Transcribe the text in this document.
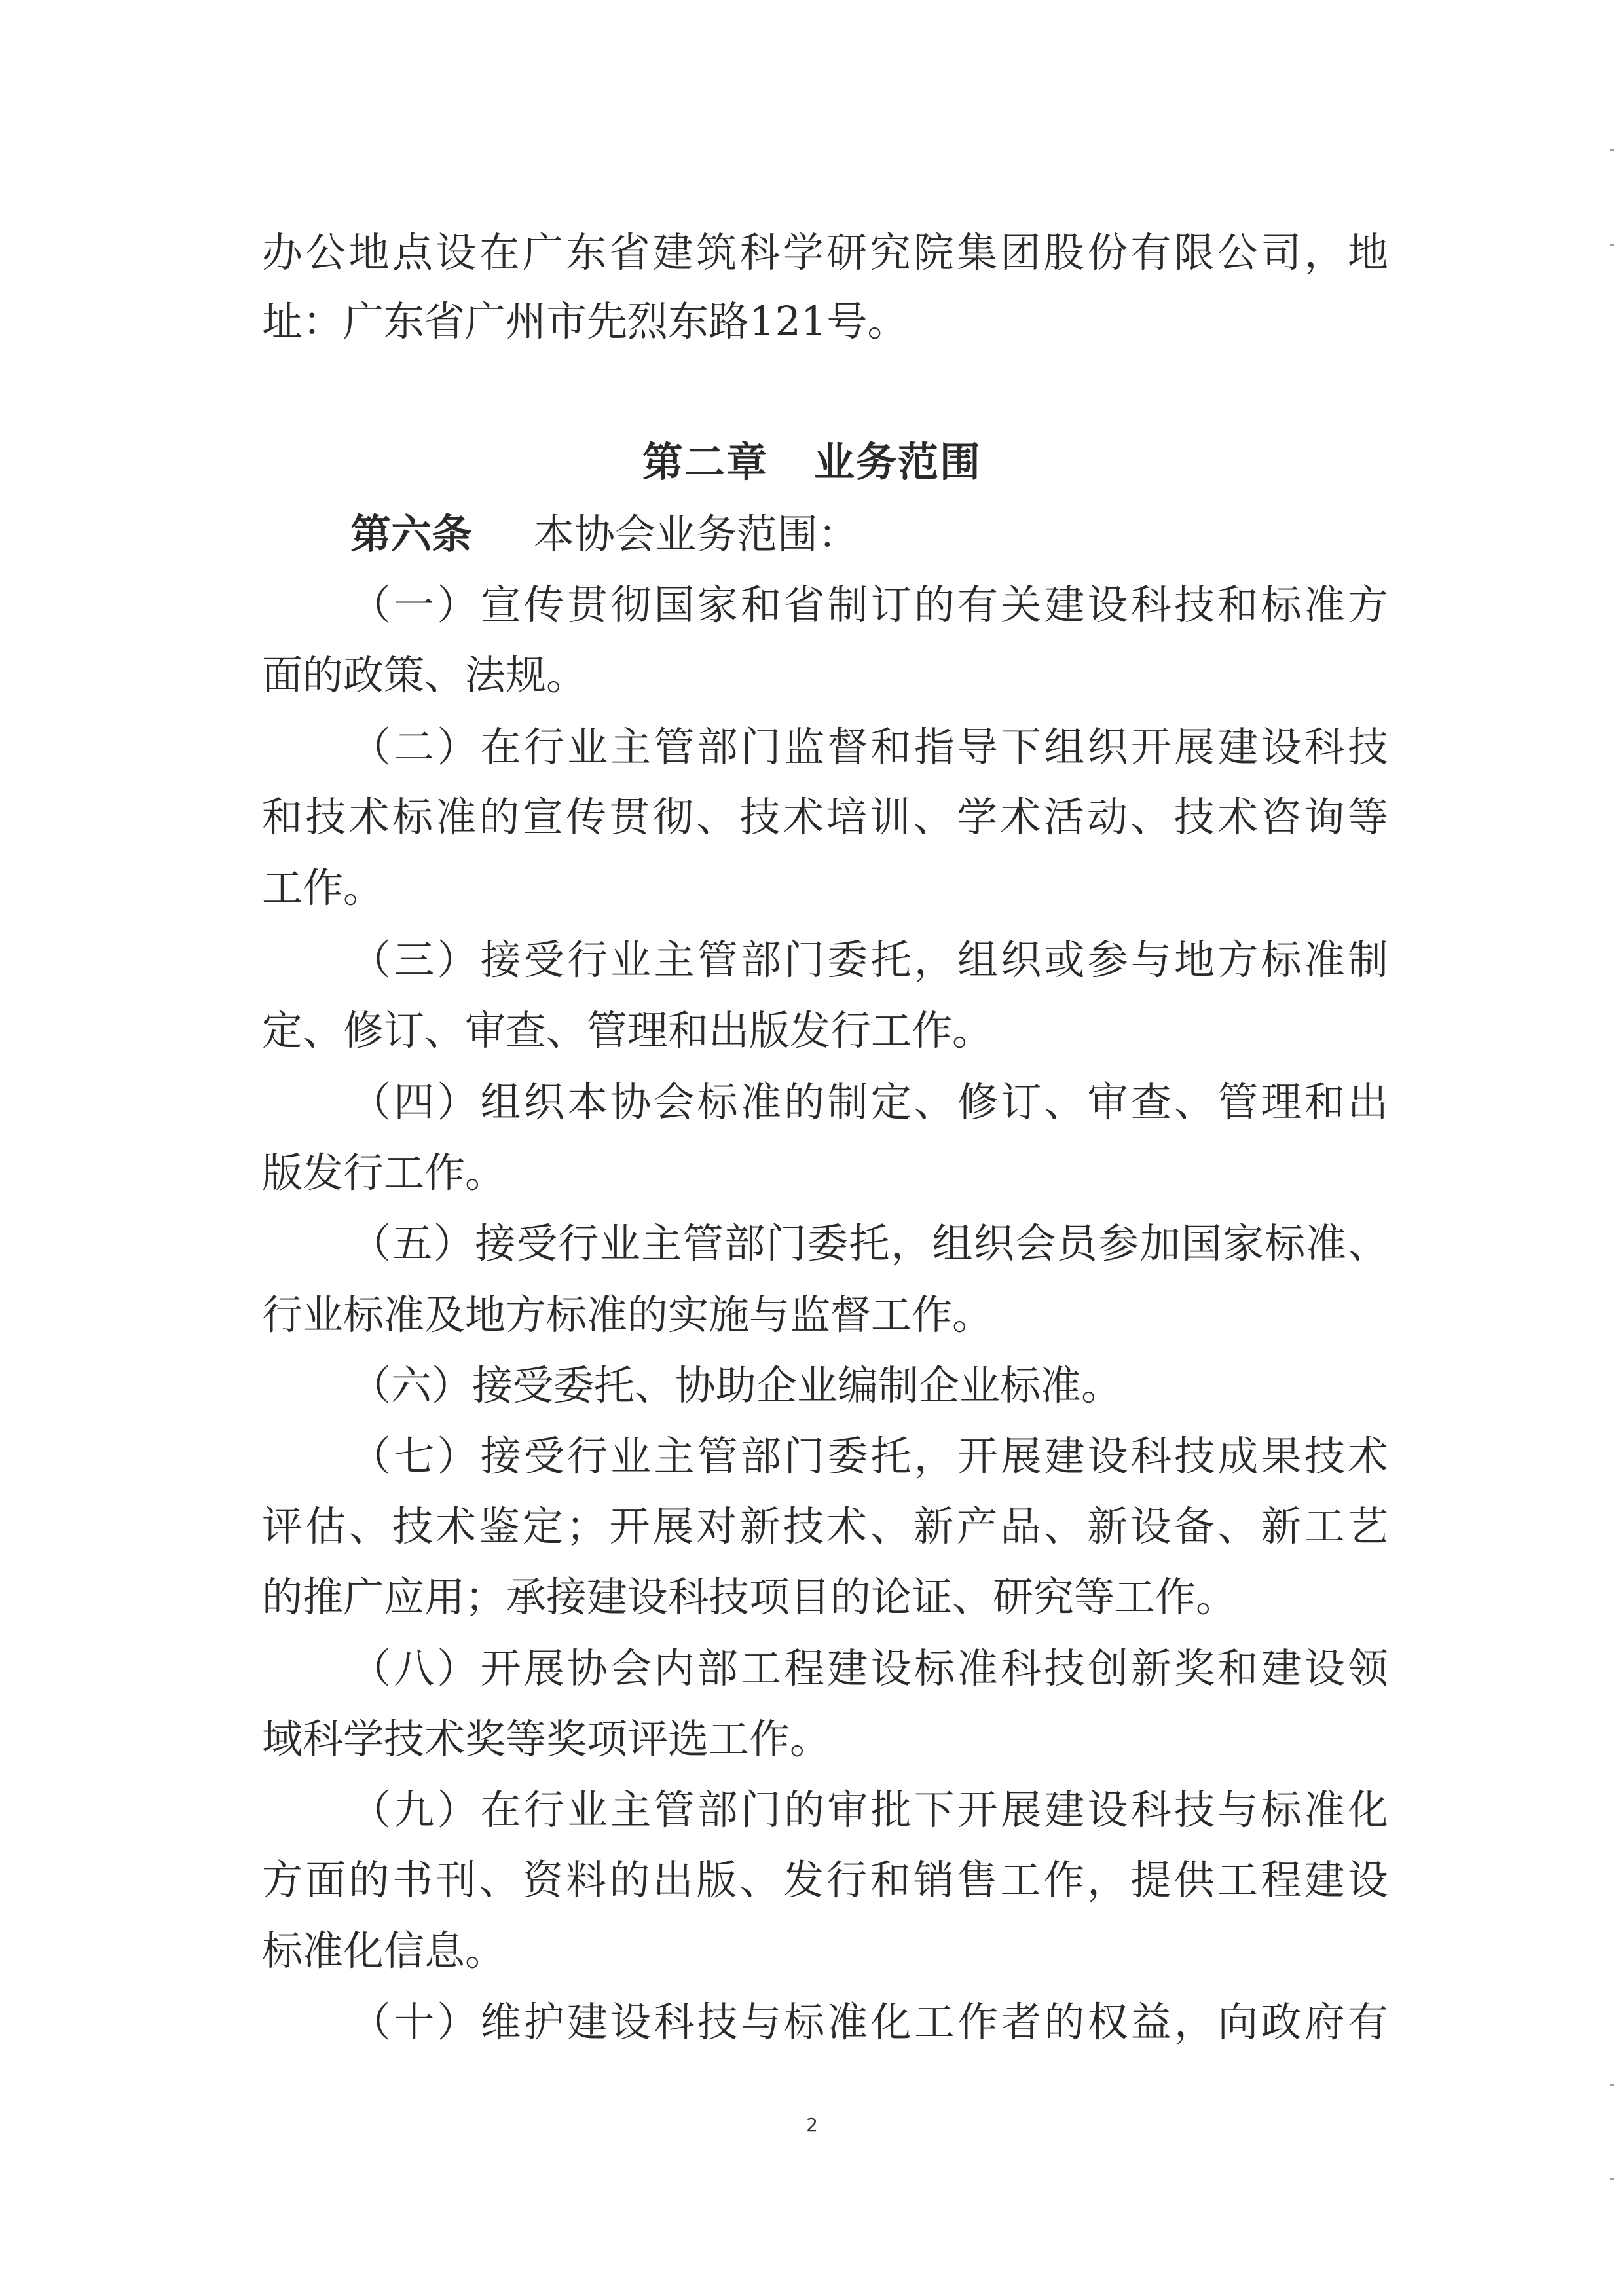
办公地点设在广东省建筑科学研究院集团股份有限公司，地
址：广东省广州市先烈东路121号。
第二章 业务范围
第六条 本协会业务范围：
（一）宣传贯彻国家和省制订的有关建设科技和标准方
面的政策、法规。
（二）在行业主管部门监督和指导下组织开展建设科技
和技术标准的宣传贯彻、技术培训、学术活动、技术咨询等
工作。
（三）接受行业主管部门委托，组织或参与地方标准制
定、修订、审查、管理和出版发行工作。
（四）组织本协会标准的制定、修订、审查、管理和出
版发行工作。
（五）接受行业主管部门委托，组织会员参加国家标准、
行业标准及地方标准的实施与监督工作。
（六）接受委托、协助企业编制企业标准。
（七）接受行业主管部门委托，开展建设科技成果技术
评估、技术鉴定；开展对新技术、新产品、新设备、新工艺
的推广应用；承接建设科技项目的论证、研究等工作。
（八）开展协会内部工程建设标准科技创新奖和建设领
域科学技术奖等奖项评选工作。
（九）在行业主管部门的审批下开展建设科技与标准化
方面的书刊、资料的出版、发行和销售工作，提供工程建设
标准化信息。
（十）维护建设科技与标准化工作者的权益，向政府有
2
